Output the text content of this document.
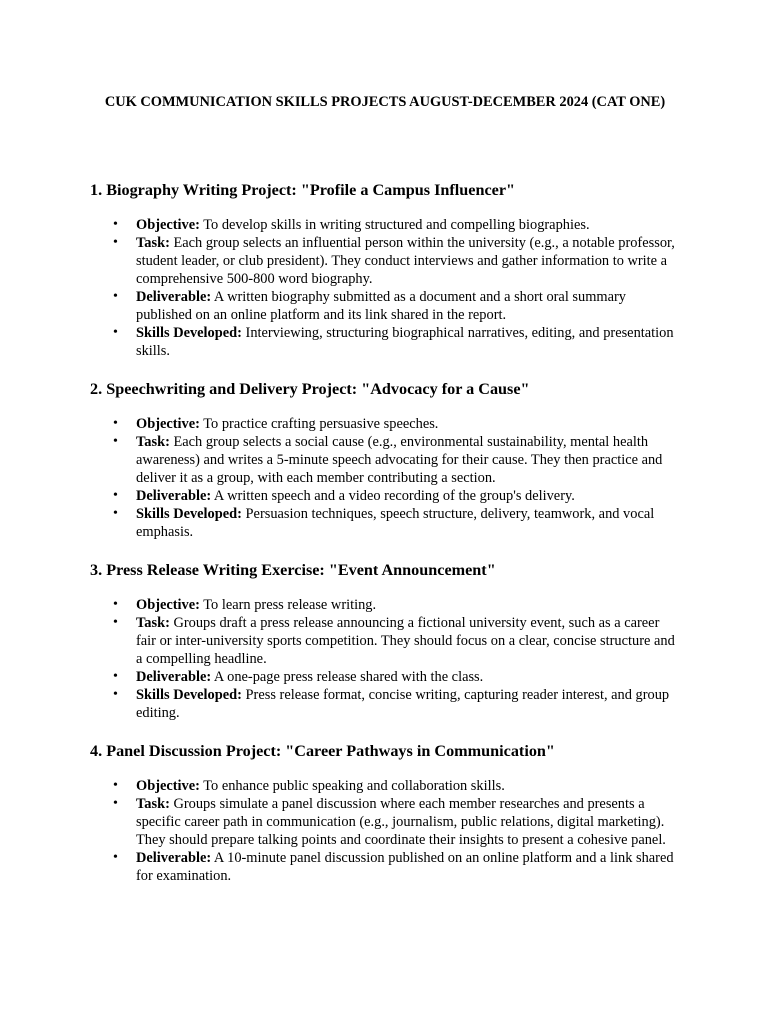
CUK COMMUNICATION SKILLS PROJECTS AUGUST-DECEMBER 2024 (CAT ONE)
1. Biography Writing Project: "Profile a Campus Influencer"
• Objective: To develop skills in writing structured and compelling biographies.
• Task: Each group selects an influential person within the university (e.g., a notable professor, student leader, or club president). They conduct interviews and gather information to write a comprehensive 500-800 word biography.
• Deliverable: A written biography submitted as a document and a short oral summary published on an online platform and its link shared in the report.
• Skills Developed: Interviewing, structuring biographical narratives, editing, and presentation skills.
2. Speechwriting and Delivery Project: "Advocacy for a Cause"
• Objective: To practice crafting persuasive speeches.
• Task: Each group selects a social cause (e.g., environmental sustainability, mental health awareness) and writes a 5-minute speech advocating for their cause. They then practice and deliver it as a group, with each member contributing a section.
• Deliverable: A written speech and a video recording of the group's delivery.
• Skills Developed: Persuasion techniques, speech structure, delivery, teamwork, and vocal emphasis.
3. Press Release Writing Exercise: "Event Announcement"
• Objective: To learn press release writing.
• Task: Groups draft a press release announcing a fictional university event, such as a career fair or inter-university sports competition. They should focus on a clear, concise structure and a compelling headline.
• Deliverable: A one-page press release shared with the class.
• Skills Developed: Press release format, concise writing, capturing reader interest, and group editing.
4. Panel Discussion Project: "Career Pathways in Communication"
• Objective: To enhance public speaking and collaboration skills.
• Task: Groups simulate a panel discussion where each member researches and presents a specific career path in communication (e.g., journalism, public relations, digital marketing). They should prepare talking points and coordinate their insights to present a cohesive panel.
• Deliverable: A 10-minute panel discussion published on an online platform and a link shared for examination.
